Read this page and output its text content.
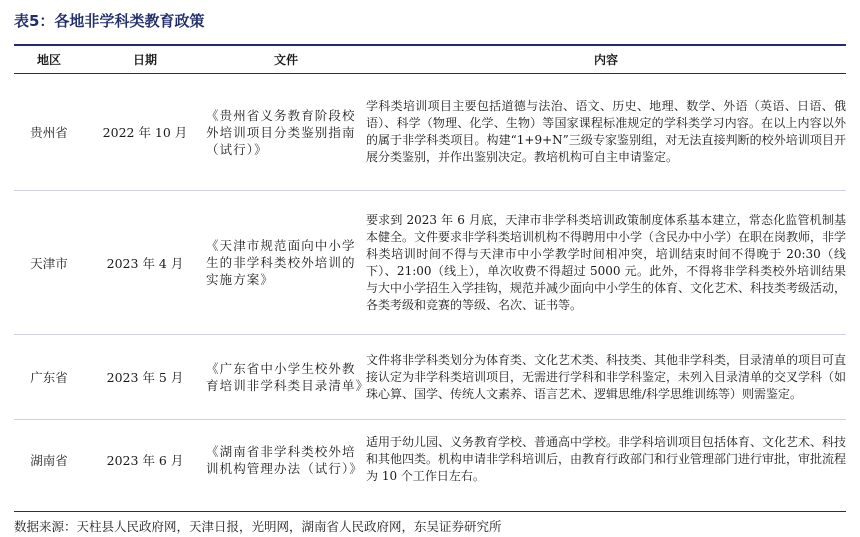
表5：各地非学科类教育政策
地区	日期	文件	内容
贵州省	2022 年 10 月	《贵州省义务教育阶段校外培训项目分类鉴别指南（试行）》	学科类培训项目主要包括道德与法治、语文、历史、地理、数学、外语（英语、日语、俄语）、科学（物理、化学、生物）等国家课程标准规定的学科类学习内容。在以上内容以外的属于非学科类项目。构建“1+9+N”三级专家鉴别组，对无法直接判断的校外培训项目开展分类鉴别，并作出鉴别决定。教培机构可自主申请鉴定。
天津市	2023 年 4 月	《天津市规范面向中小学生的非学科类校外培训的实施方案》	要求到 2023 年 6 月底，天津市非学科类培训政策制度体系基本建立，常态化监管机制基本健全。文件要求非学科类培训机构不得聘用中小学（含民办中小学）在职在岗教师，非学科类培训时间不得与天津市中小学教学时间相冲突，培训结束时间不得晚于 20:30（线下）、21:00（线上），单次收费不得超过 5000 元。此外，不得将非学科类校外培训结果与大中小学招生入学挂钩，规范并减少面向中小学生的体育、文化艺术、科技类考级活动，各类考级和竞赛的等级、名次、证书等。
广东省	2023 年 5 月	《广东省中小学生校外教育培训非学科类目录清单》	文件将非学科类划分为体育类、文化艺术类、科技类、其他非学科类，目录清单的项目可直接认定为非学科类培训项目，无需进行学科和非学科鉴定，未列入目录清单的交叉学科（如珠心算、国学、传统人文素养、语言艺术、逻辑思维/科学思维训练等）则需鉴定。
湖南省	2023 年 6 月	《湖南省非学科类校外培训机构管理办法（试行）》	适用于幼儿园、义务教育学校、普通高中学校。非学科培训项目包括体育、文化艺术、科技和其他四类。机构申请非学科培训后，由教育行政部门和行业管理部门进行审批，审批流程为 10 个工作日左右。
数据来源：天柱县人民政府网，天津日报，光明网，湖南省人民政府网，东吴证券研究所
